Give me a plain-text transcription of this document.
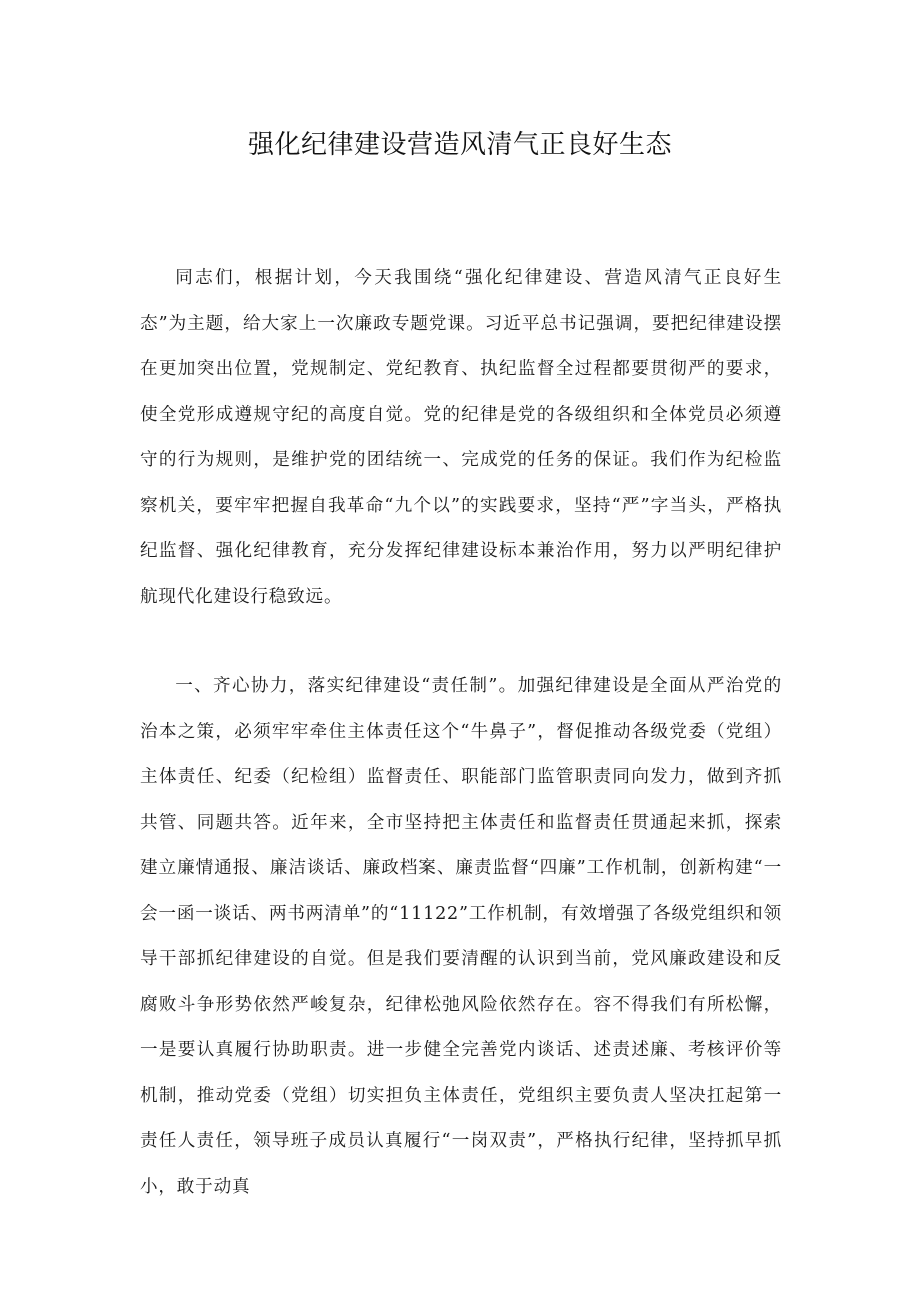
强化纪律建设营造风清气正良好生态

同志们，根据计划，今天我围绕“强化纪律建设、营造风清气正良好生态”为主题，给大家上一次廉政专题党课。习近平总书记强调，要把纪律建设摆在更加突出位置，党规制定、党纪教育、执纪监督全过程都要贯彻严的要求，使全党形成遵规守纪的高度自觉。党的纪律是党的各级组织和全体党员必须遵守的行为规则，是维护党的团结统一、完成党的任务的保证。我们作为纪检监察机关，要牢牢把握自我革命“九个以”的实践要求，坚持“严”字当头，严格执纪监督、强化纪律教育，充分发挥纪律建设标本兼治作用，努力以严明纪律护航现代化建设行稳致远。

一、齐心协力，落实纪律建设“责任制”。加强纪律建设是全面从严治党的治本之策，必须牢牢牵住主体责任这个“牛鼻子”，督促推动各级党委（党组）主体责任、纪委（纪检组）监督责任、职能部门监管职责同向发力，做到齐抓共管、同题共答。近年来，全市坚持把主体责任和监督责任贯通起来抓，探索建立廉情通报、廉洁谈话、廉政档案、廉责监督“四廉”工作机制，创新构建“一会一函一谈话、两书两清单”的“11122”工作机制，有效增强了各级党组织和领导干部抓纪律建设的自觉。但是我们要清醒的认识到当前，党风廉政建设和反腐败斗争形势依然严峻复杂，纪律松弛风险依然存在。容不得我们有所松懈，一是要认真履行协助职责。进一步健全完善党内谈话、述责述廉、考核评价等机制，推动党委（党组）切实担负主体责任，党组织主要负责人坚决扛起第一责任人责任，领导班子成员认真履行“一岗双责”，严格执行纪律，坚持抓早抓小，敢于动真
